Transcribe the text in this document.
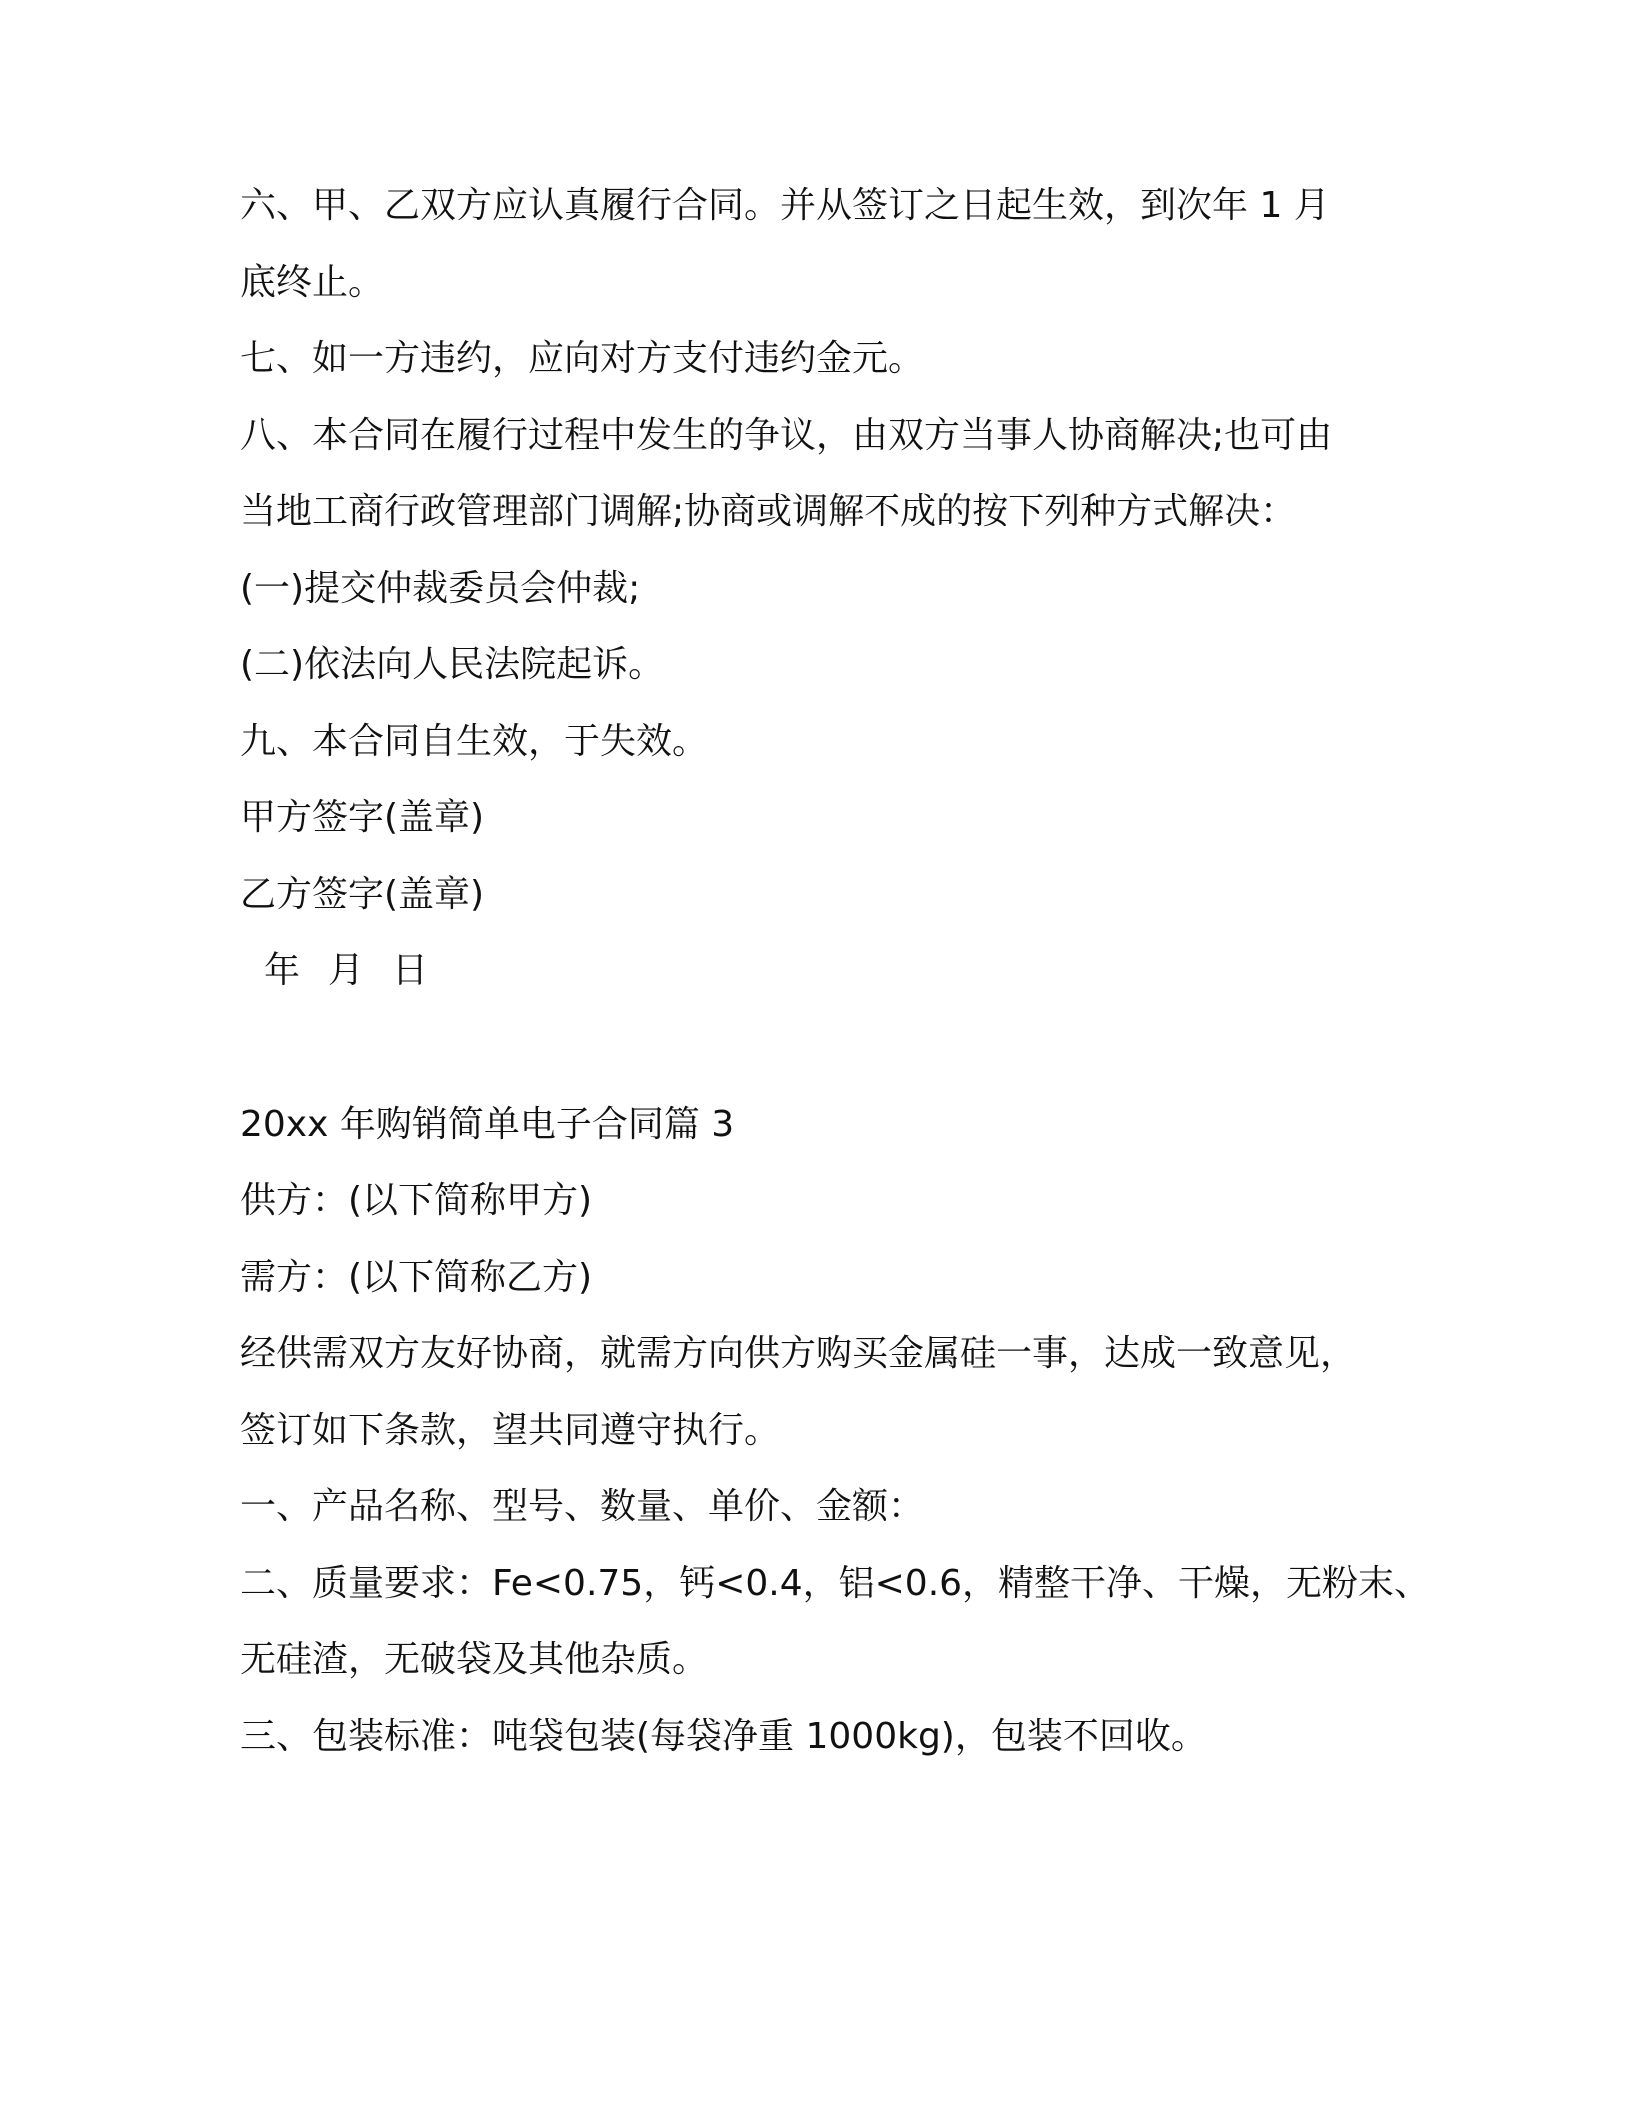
六、甲、乙双方应认真履行合同。并从签订之日起生效，到次年 1 月
底终止。
七、如一方违约，应向对方支付违约金元。
八、本合同在履行过程中发生的争议，由双方当事人协商解决;也可由
当地工商行政管理部门调解;协商或调解不成的按下列种方式解决：
(一)提交仲裁委员会仲裁;
(二)依法向人民法院起诉。
九、本合同自生效，于失效。
甲方签字(盖章)
乙方签字(盖章)
年 月 日
20xx 年购销简单电子合同篇 3
供方：(以下简称甲方)
需方：(以下简称乙方)
经供需双方友好协商，就需方向供方购买金属硅一事，达成一致意见，
签订如下条款，望共同遵守执行。
一、产品名称、型号、数量、单价、金额：
二、质量要求：Fe<0.75，钙<0.4，铝<0.6，精整干净、干燥，无粉末、
无硅渣，无破袋及其他杂质。
三、包装标准：吨袋包装(每袋净重 1000kg)，包装不回收。
